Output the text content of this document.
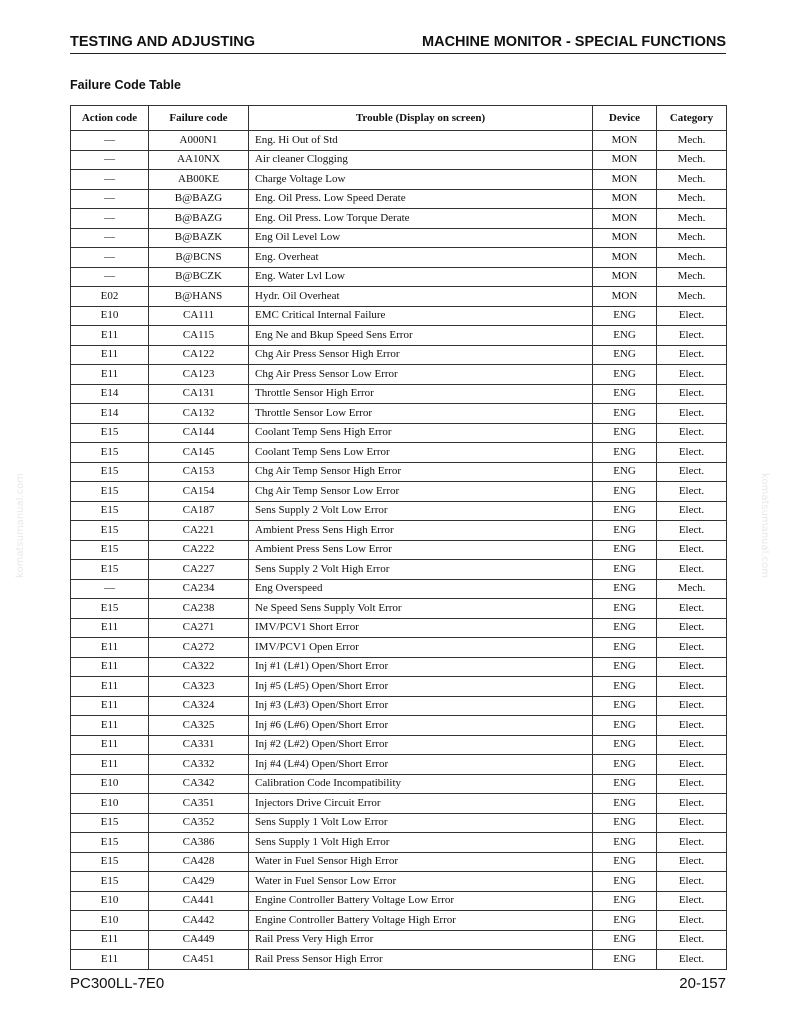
TESTING AND ADJUSTING	MACHINE MONITOR - SPECIAL FUNCTIONS
Failure Code Table
Action code	Failure code	Trouble (Display on screen)	Device	Category
—	A000N1	Eng. Hi Out of Std	MON	Mech.
—	AA10NX	Air cleaner Clogging	MON	Mech.
—	AB00KE	Charge Voltage Low	MON	Mech.
—	B@BAZG	Eng. Oil Press. Low Speed Derate	MON	Mech.
—	B@BAZG	Eng. Oil Press. Low Torque Derate	MON	Mech.
—	B@BAZK	Eng Oil Level Low	MON	Mech.
—	B@BCNS	Eng. Overheat	MON	Mech.
—	B@BCZK	Eng. Water Lvl Low	MON	Mech.
E02	B@HANS	Hydr. Oil Overheat	MON	Mech.
E10	CA111	EMC Critical Internal Failure	ENG	Elect.
E11	CA115	Eng Ne and Bkup Speed Sens Error	ENG	Elect.
E11	CA122	Chg Air Press Sensor High Error	ENG	Elect.
E11	CA123	Chg Air Press Sensor Low Error	ENG	Elect.
E14	CA131	Throttle Sensor High Error	ENG	Elect.
E14	CA132	Throttle Sensor Low Error	ENG	Elect.
E15	CA144	Coolant Temp Sens High Error	ENG	Elect.
E15	CA145	Coolant Temp Sens Low Error	ENG	Elect.
E15	CA153	Chg Air Temp Sensor High Error	ENG	Elect.
E15	CA154	Chg Air Temp Sensor Low Error	ENG	Elect.
E15	CA187	Sens Supply 2 Volt Low Error	ENG	Elect.
E15	CA221	Ambient Press Sens High Error	ENG	Elect.
E15	CA222	Ambient Press Sens Low Error	ENG	Elect.
E15	CA227	Sens Supply 2 Volt High Error	ENG	Elect.
—	CA234	Eng Overspeed	ENG	Mech.
E15	CA238	Ne Speed Sens Supply Volt Error	ENG	Elect.
E11	CA271	IMV/PCV1 Short Error	ENG	Elect.
E11	CA272	IMV/PCV1 Open Error	ENG	Elect.
E11	CA322	Inj #1 (L#1) Open/Short Error	ENG	Elect.
E11	CA323	Inj #5 (L#5) Open/Short Error	ENG	Elect.
E11	CA324	Inj #3 (L#3) Open/Short Error	ENG	Elect.
E11	CA325	Inj #6 (L#6) Open/Short Error	ENG	Elect.
E11	CA331	Inj #2 (L#2) Open/Short Error	ENG	Elect.
E11	CA332	Inj #4 (L#4) Open/Short Error	ENG	Elect.
E10	CA342	Calibration Code Incompatibility	ENG	Elect.
E10	CA351	Injectors Drive Circuit Error	ENG	Elect.
E15	CA352	Sens Supply 1 Volt Low Error	ENG	Elect.
E15	CA386	Sens Supply 1 Volt High Error	ENG	Elect.
E15	CA428	Water in Fuel Sensor High Error	ENG	Elect.
E15	CA429	Water in Fuel Sensor Low Error	ENG	Elect.
E10	CA441	Engine Controller Battery Voltage Low Error	ENG	Elect.
E10	CA442	Engine Controller Battery Voltage High Error	ENG	Elect.
E11	CA449	Rail Press Very High Error	ENG	Elect.
E11	CA451	Rail Press Sensor High Error	ENG	Elect.
komatsumanual.com	komatsumanual.com
PC300LL-7E0	20-157
